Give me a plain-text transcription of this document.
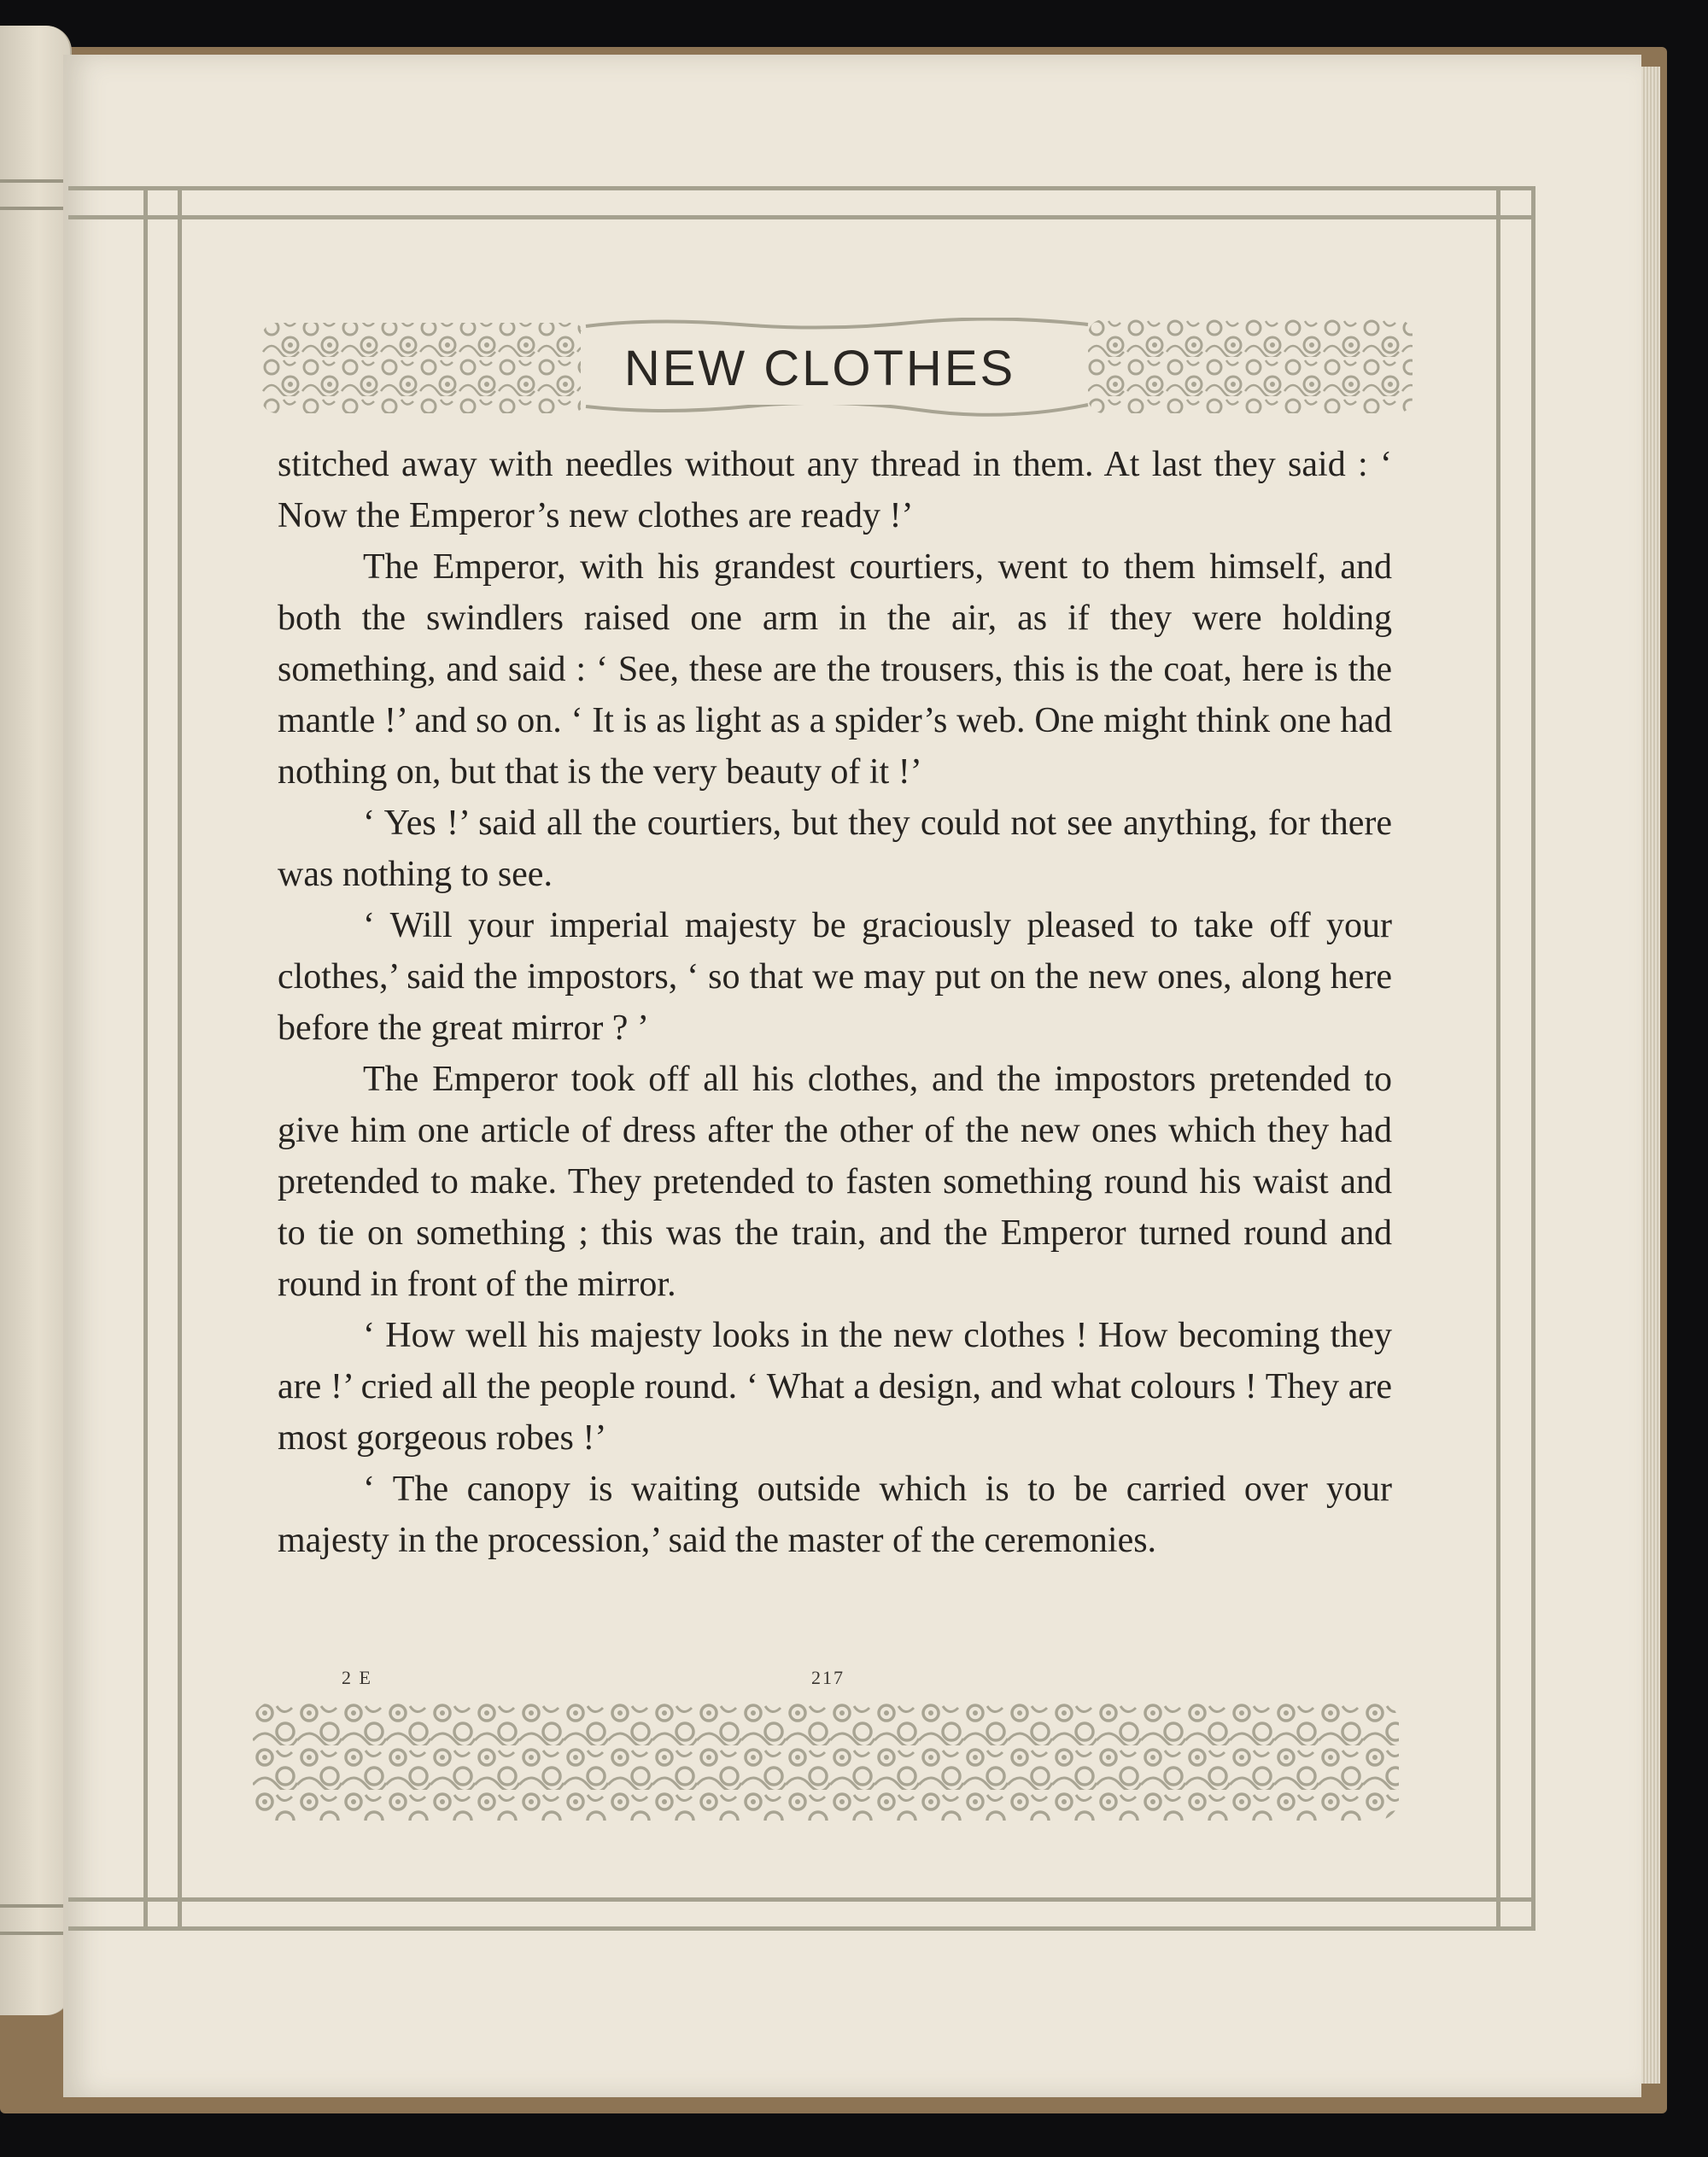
NEW CLOTHES

stitched away with needles without any thread in them. At last they said : ‘ Now the Emperor’s new clothes are ready !’

The Emperor, with his grandest courtiers, went to them himself, and both the swindlers raised one arm in the air, as if they were holding something, and said : ‘ See, these are the trousers, this is the coat, here is the mantle !’ and so on. ‘ It is as light as a spider’s web. One might think one had nothing on, but that is the very beauty of it !’

‘ Yes !’ said all the courtiers, but they could not see anything, for there was nothing to see.

‘ Will your imperial majesty be graciously pleased to take off your clothes,’ said the impostors, ‘ so that we may put on the new ones, along here before the great mirror ? ’

The Emperor took off all his clothes, and the impostors pretended to give him one article of dress after the other of the new ones which they had pretended to make. They pretended to fasten something round his waist and to tie on something ; this was the train, and the Emperor turned round and round in front of the mirror.

‘ How well his majesty looks in the new clothes ! How becoming they are !’ cried all the people round. ‘ What a design, and what colours ! They are most gorgeous robes !’

‘ The canopy is waiting outside which is to be carried over your majesty in the procession,’ said the master of the ceremonies.

2 E	217
